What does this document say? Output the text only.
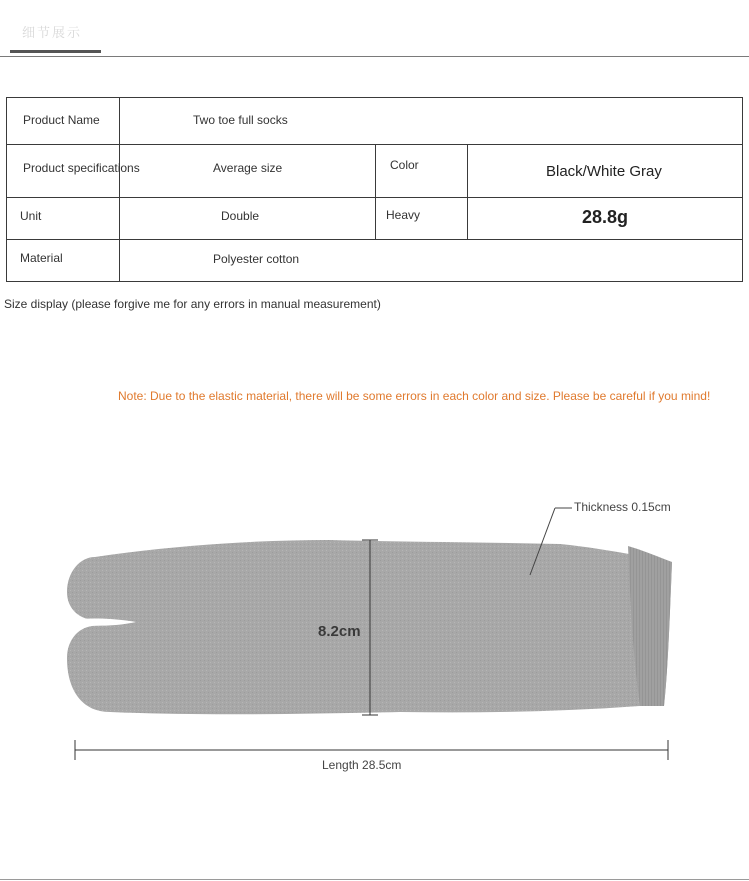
细节展示
Product Name	Two toe full socks
Product specifications	Average size	Color	Black/White Gray
Unit	Double	Heavy	28.8g
Material	Polyester cotton
Size display (please forgive me for any errors in manual measurement)
Note: Due to the elastic material, there will be some errors in each color and size. Please be careful if you mind!
Thickness 0.15cm
8.2cm
Length 28.5cm
